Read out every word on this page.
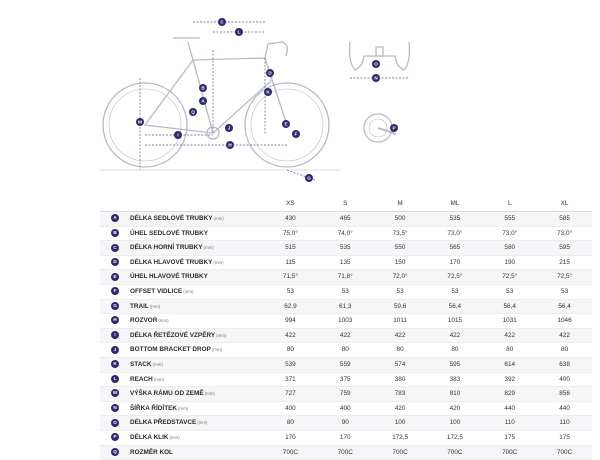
A
B
C
D
E
F
G
H
I
J
K
L
M
N
O
P
Q
		XS	S	M	ML	L	XL
A	DÉLKA SEDLOVÉ TRUBKY(mm)	430	465	500	535	555	585
B	ÚHEL SEDLOVÉ TRUBKY	75,0°	74,0°	73,5°	73,0°	73,0°	73,0°
C	DÉLKA HORNÍ TRUBKY(mm)	515	535	550	565	580	595
D	DÉLKA HLAVOVÉ TRUBKY(mm)	115	135	150	170	190	215
E	ÚHEL HLAVOVÉ TRUBKY	71,5°	71,8°	72,0°	72,5°	72,5°	72,5°
F	OFFSET VIDLICE(mm)	53	53	53	53	53	53
G	TRAIL(mm)	62,9	61,3	59,6	56,4	56,4	56,4
H	ROZVOR(mm)	994	1003	1011	1015	1031	1046
I	DÉLKA ŘETĚZOVÉ VZPĚRY(mm)	422	422	422	422	422	422
J	BOTTOM BRACKET DROP(mm)	80	80	80	80	80	80
K	STACK(mm)	539	559	574	595	614	638
L	REACH(mm)	371	375	380	383	392	400
M	VÝŠKA RÁMU OD ZEMĚ(mm)	727	759	783	810	829	856
N	ŠÍŘKA ŘÍDÍTEK(mm)	400	400	420	420	440	440
O	DÉLKA PŘEDSTAVCE(mm)	80	90	100	100	110	110
P	DÉLKA KLIK(mm)	170	170	172,5	172,5	175	175
Q	ROZMĚR KOL	700C	700C	700C	700C	700C	700C
